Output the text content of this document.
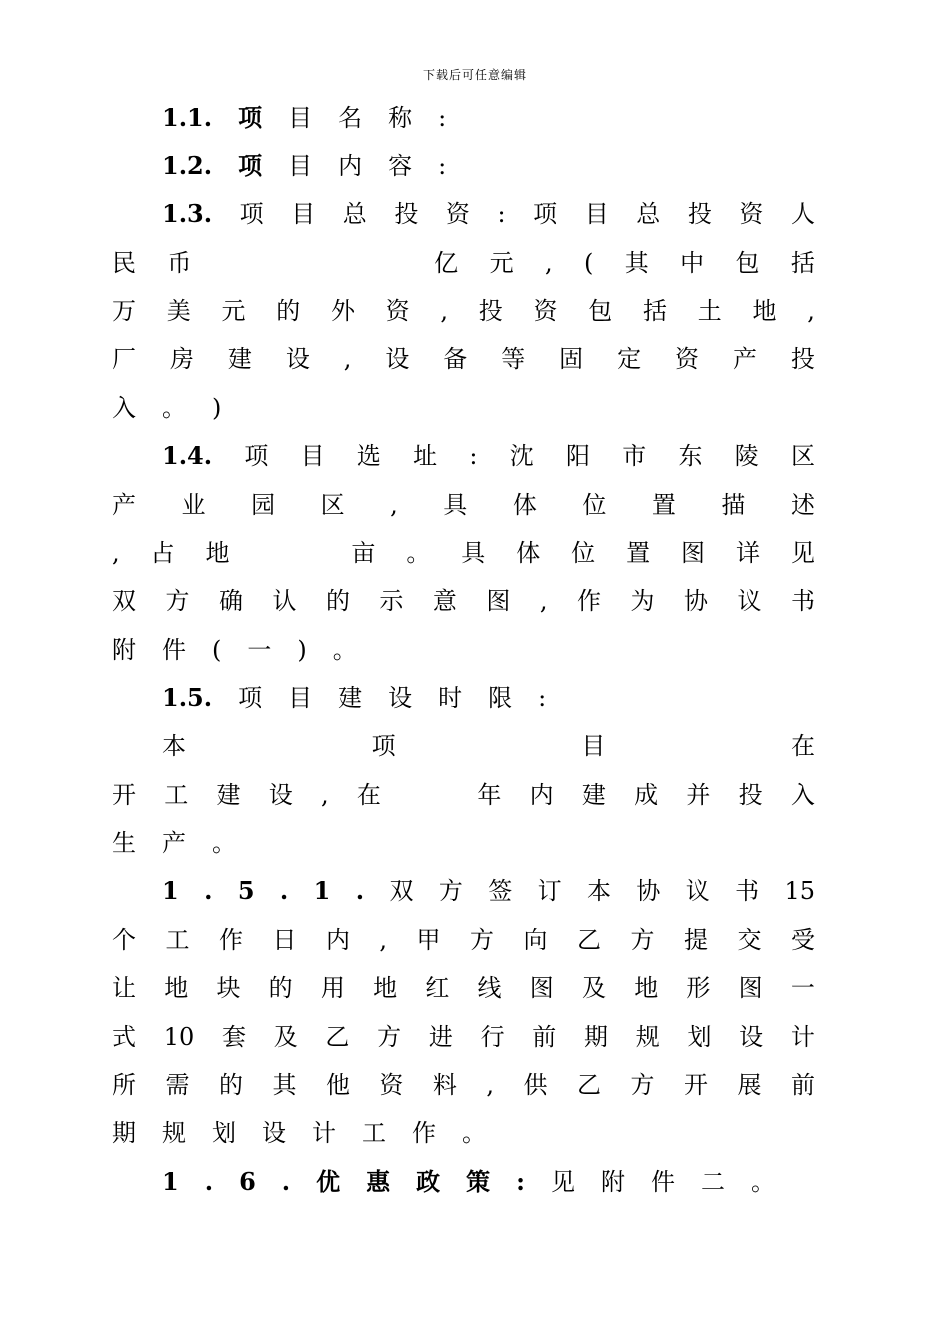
下载后可任意编辑
1.1. 项 目 名 称 :
1.2. 项 目 内 容 :
1.3. 项 目 总 投 资 : 项 目 总 投 资 人
民 币	亿 元 , ( 其 中 包 括
万 美 元 的 外 资 , 投 资 包 括 土 地 ,
厂 房 建 设 , 设 备 等 固 定 资 产 投
入 。 )
1.4. 项 目 选 址 : 沈 阳 市 东 陵 区
产 业 园 区 , 具 体 位 置 描 述
, 占 地	亩 。 具 体 位 置 图 详 见
双 方 确 认 的 示 意 图 , 作 为 协 议 书
附 件 ( 一 ) 。
1.5. 项 目 建 设 时 限 :
本	项	目	在
开 工 建 设 , 在	年 内 建 成 并 投 入
生 产 。
1 . 5 . 1 . 双 方 签 订 本 协 议 书 15
个 工 作 日 内 , 甲 方 向 乙 方 提 交 受
让 地 块 的 用 地 红 线 图 及 地 形 图 一
式 10 套 及 乙 方 进 行 前 期 规 划 设 计
所 需 的 其 他 资 料 , 供 乙 方 开 展 前
期 规 划 设 计 工 作 。
1 . 6 . 优 惠 政 策 : 见 附 件 二 。
